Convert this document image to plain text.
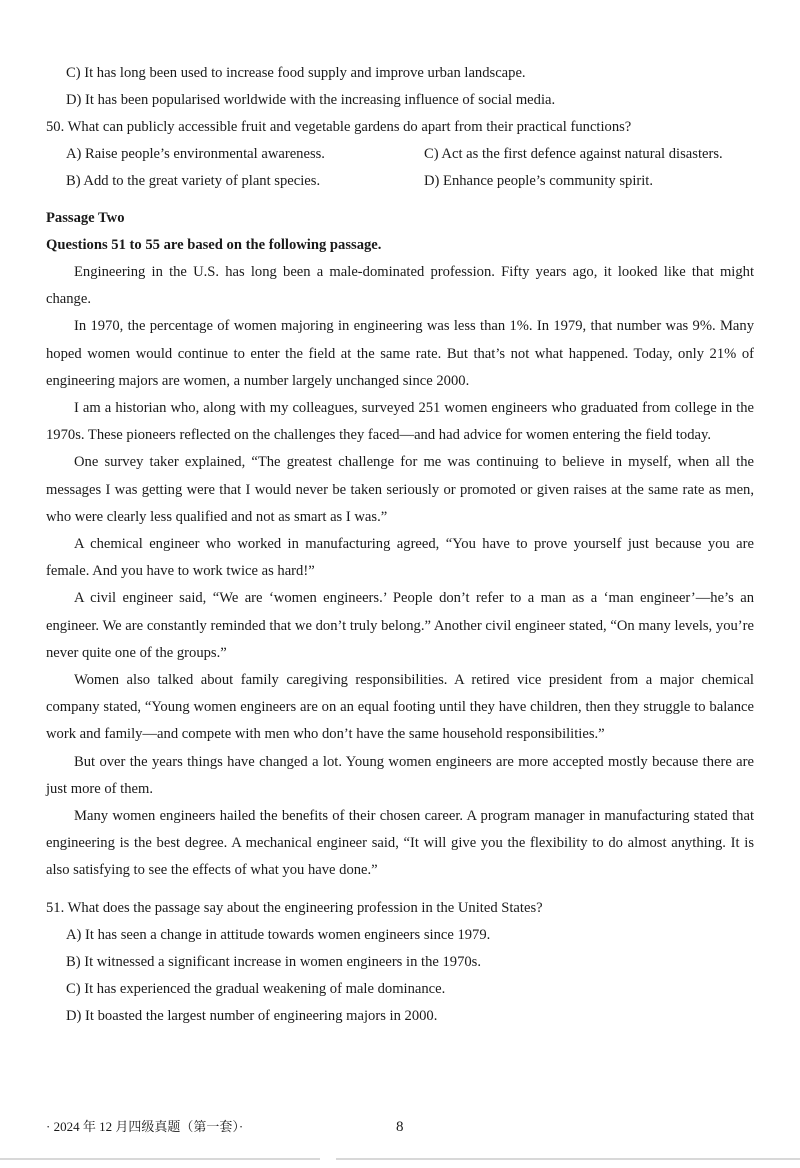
C) It has long been used to increase food supply and improve urban landscape.
D) It has been popularised worldwide with the increasing influence of social media.
50. What can publicly accessible fruit and vegetable gardens do apart from their practical functions?
A) Raise people’s environmental awareness.	C) Act as the first defence against natural disasters.
B) Add to the great variety of plant species.	D) Enhance people’s community spirit.
Passage Two
Questions 51 to 55 are based on the following passage.

Engineering in the U.S. has long been a male-dominated profession. Fifty years ago, it looked like that might change.

In 1970, the percentage of women majoring in engineering was less than 1%. In 1979, that number was 9%. Many hoped women would continue to enter the field at the same rate. But that’s not what happened. Today, only 21% of engineering majors are women, a number largely unchanged since 2000.

I am a historian who, along with my colleagues, surveyed 251 women engineers who graduated from college in the 1970s. These pioneers reflected on the challenges they faced—and had advice for women entering the field today.

One survey taker explained, “The greatest challenge for me was continuing to believe in myself, when all the messages I was getting were that I would never be taken seriously or promoted or given raises at the same rate as men, who were clearly less qualified and not as smart as I was.”

A chemical engineer who worked in manufacturing agreed, “You have to prove yourself just because you are female. And you have to work twice as hard!”

A civil engineer said, “We are ‘women engineers.’ People don’t refer to a man as a ‘man engineer’—he’s an engineer. We are constantly reminded that we don’t truly belong.” Another civil engineer stated, “On many levels, you’re never quite one of the groups.”

Women also talked about family caregiving responsibilities. A retired vice president from a major chemical company stated, “Young women engineers are on an equal footing until they have children, then they struggle to balance work and family—and compete with men who don’t have the same household responsibilities.”

But over the years things have changed a lot. Young women engineers are more accepted mostly because there are just more of them.

Many women engineers hailed the benefits of their chosen career. A program manager in manufacturing stated that engineering is the best degree. A mechanical engineer said, “It will give you the flexibility to do almost anything. It is also satisfying to see the effects of what you have done.”

51. What does the passage say about the engineering profession in the United States?
A) It has seen a change in attitude towards women engineers since 1979.
B) It witnessed a significant increase in women engineers in the 1970s.
C) It has experienced the gradual weakening of male dominance.
D) It boasted the largest number of engineering majors in 2000.
· 2024 年 12 月四级真题（第一套）·	8
